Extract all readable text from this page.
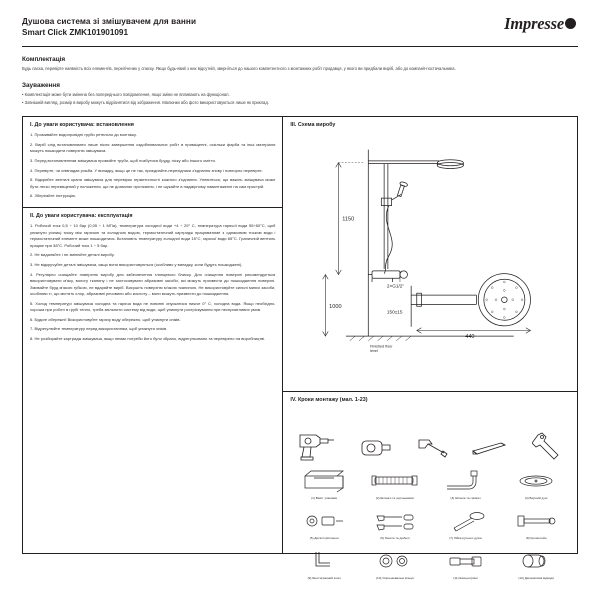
Душова система зі змішувачем для ванни
Smart Click ZMK101901091	Impresse
Комплектація

Будь ласка, перевірте наявність всіх елементів, перелічених у списку. Якщо будь-який з них відсутній, зверніться до нашого компетентного з монтажних робіт продавця, у якого ви придбали виріб, або до компанії-постачальника.

Зауваження

• Комплектація може бути змінена без попереднього повідомлення, якщо зміни не впливають на функціонал.

• Зовнішній вигляд, розмір в виробу можуть відрізнятися від зображення. Малюнки або фото використовуються лише як приклад.

І. До уваги користувача: встановлення

1. Промивайте водопровідні труби ретельно до монтажу.

2. Виріб слід встановлювати лише після завершення оздоблювальних робіт в приміщенні, оскільки фарба та інші матеріали можуть пошкодити поверхню змішувача.

3. Перед встановленням змішувача промийте труби, щоб позбутися бруду, піску або іншого сміття.

4. Перевірте, чи співпадає різьба. У випадку, якщо це не так, приєднайте-перехідники з'єднання знову і повторно перевірте.

5. Відкрийте вентилі крани змішувача для перевірки герметичності кожного з'єднання. Упевніться, що важіль змішувача може бути легко переміщений у положення, що не дозволяє протікання, і не шукайте в надмірному навантаженні на сам пристрій.

6. Зберігайте інструкцію.

ІІ. До уваги користувача: експлуатація

1. Робочий тиск 0,5 ÷ 10 бар (0,05 ÷ 1 МПа), температура холодної води +4 ÷ 29° С, температура гарячої води 55÷80°С, щоб уникнути різниці тиску між гарячою та холодною водою, термостатичний картридж працюватиме з однаковим тиском води і термостатичний елемент може пошкодитися. Встановіть температуру холодної води 15°С, гарячої води 65°С. Граничний вентиль працює при 38°С. Робочий тиск 1 ÷ 5 бар.

2. Не видаляйте і не змінюйте деталі виробу.

3. Не відкручуйте деталі змішувача, якщо вони використовуються (особливо у випадку, коли будуть пошкоджені).

4. Регулярно очищайте поверхню виробу для забезпечення глянцевого блиску. Для очищення поверхні рекомендується використовувати м'яку, вологу тканину і не застосовувати абразивні засоби, які можуть призвести до пошкодження поверхні. Змивайте бруд м'якою губкою, не вдаряйте виріб. Висушіть поверхню м'якою тканиною. Не використовуйте сильні миючі засоби, особливо ті, що містять хлор, абразивні речовини або кислоту – вони можуть призвести до пошкодження.

5. Холод температурі змішувача холодна та гаряча вода не повинні опускатися нижче 0° С, холодна вода. Якщо необхідно, хороша при роботі в грубі тепло, треба звільнити систему від води, щоб уникнути розтріскування при несприятливих умов.

6. Будьте обережні! Використовуйте гарячу воду обережно, щоб уникнути опіків.

7. Відрегулюйте температуру перед використанням, щоб уникнути опіків.

8. Не розбирайте картридж змішувача, якщо немає потреби його було збрано, відрегульовано та перевірено на виробництві.

ІІІ. Схема виробу
1150
1000
Finished floor
level
2×G1/2"
150±15
440
IV. Кроки монтажу (мал. 1-23)
(1) Вміст упаковки	(2) Шланги та ущільнювачі	(3) Штанга та тримач	(4) Верхній душ
(5) Деталі кріплення	(6) Гвинти та дюбелі	(7) Лійка ручного душа	(8) Кронштейн
(9) Шестигранний ключ	(10) Ущільнювальні кільця	(11) Ексцентрики	(12) Декоративні відводи
